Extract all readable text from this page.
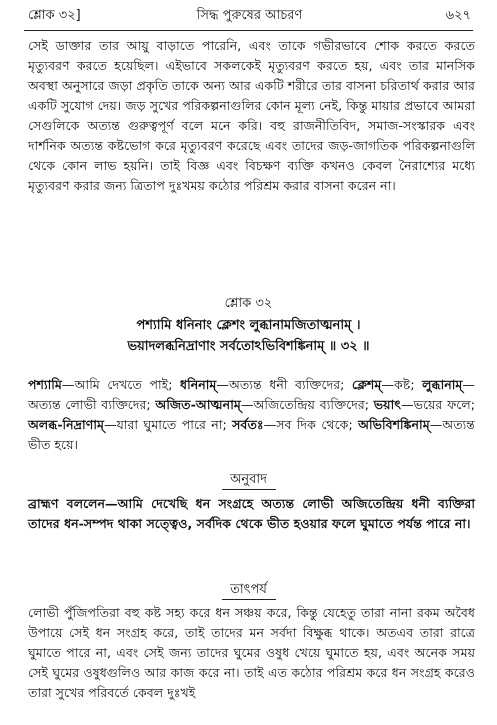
শ্লোক ৩২]	সিদ্ধ পুরুষের আচরণ	৬২৭
সেই ডাক্তার তার আয়ু বাড়াতে পারেনি, এবং তাকে গভীরভাবে শোক করতে করতে মৃত্যুবরণ করতে হয়েছিল। এইভাবে সকলকেই মৃত্যুবরণ করতে হয়, এবং তার মানসিক অবস্থা অনুসারে জড়া প্রকৃতি তাকে অন্য আর একটি শরীরে তার বাসনা চরিতার্থ করার আর একটি সুযোগ দেয়। জড় সুখের পরিকল্পনাগুলির কোন মূল্য নেই, কিন্তু মায়ার প্রভাবে আমরা সেগুলিকে অত্যন্ত গুরুত্বপূর্ণ বলে মনে করি। বহু রাজনীতিবিদ, সমাজ-সংস্কারক এবং দার্শনিক অত্যন্ত কষ্টভোগ করে মৃত্যুবরণ করেছে এবং তাদের জড়-জাগতিক পরিকল্পনাগুলি থেকে কোন লাভ হয়নি। তাই বিজ্ঞ এবং বিচক্ষণ ব্যক্তি কখনও কেবল নৈরাশ্যের মধ্যে মৃত্যুবরণ করার জন্য ত্রিতাপ দুঃখময় কঠোর পরিশ্রম করার বাসনা করেন না।
শ্লোক ৩২
পশ্যামি ধনিনাং ক্লেশং লুব্ধানামজিতাত্মনাম্‌ ।
ভয়াদলব্ধনিদ্রাণাং সর্বতোঽভিবিশঙ্কিনাম্‌ ॥ ৩২ ॥
পশ্যামি—আমি দেখতে পাই; ধনিনাম্‌—অত্যন্ত ধনী ব্যক্তিদের; ক্লেশম্‌—কষ্ট; লুব্ধানাম্‌—অত্যন্ত লোভী ব্যক্তিদের; অজিত-আত্মনাম্‌—অজিতেন্দ্রিয় ব্যক্তিদের; ভয়াৎ—ভয়ের ফলে; অলব্ধ-নিদ্রাণাম্‌—যারা ঘুমাতে পারে না; সর্বতঃ—সব দিক থেকে; অভিবিশঙ্কিনাম্‌—অত্যন্ত ভীত হয়ে।
অনুবাদ
ব্রাহ্মণ বললেন—আমি দেখেছি ধন সংগ্রহে অত্যন্ত লোভী অজিতেন্দ্রিয় ধনী ব্যক্তিরা তাদের ধন-সম্পদ থাকা সত্ত্বেও, সর্বদিক থেকে ভীত হওয়ার ফলে ঘুমাতে পর্যন্ত পারে না।
তাৎপর্য
লোভী পুঁজিপতিরা বহু কষ্ট সহ্য করে ধন সঞ্চয় করে, কিন্তু যেহেতু তারা নানা রকম অবৈধ উপায়ে সেই ধন সংগ্রহ করে, তাই তাদের মন সর্বদা বিক্ষুব্ধ থাকে। অতএব তারা রাত্রে ঘুমাতে পারে না, এবং সেই জন্য তাদের ঘুমের ওষুধ খেয়ে ঘুমাতে হয়, এবং অনেক সময় সেই ঘুমের ওষুধগুলিও আর কাজ করে না। তাই এত কঠোর পরিশ্রম করে ধন সংগ্রহ করেও তারা সুখের পরিবর্তে কেবল দুঃখই
